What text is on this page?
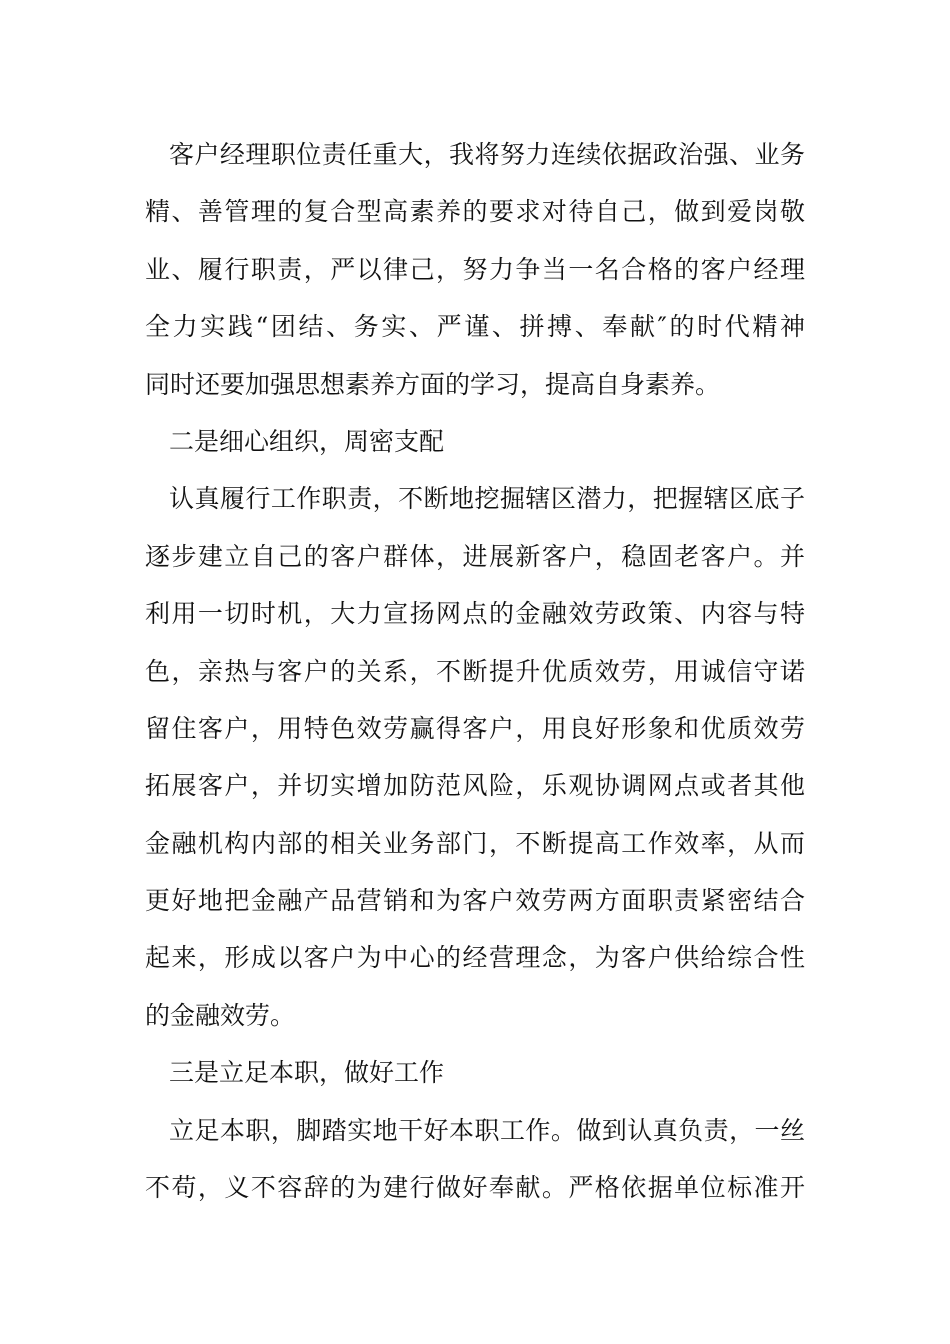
客户经理职位责任重大，我将努力连续依据政治强、业务
精、善管理的复合型高素养的要求对待自己，做到爱岗敬
业、履行职责，严以律己，努力争当一名合格的客户经理
全力实践“团结、务实、严谨、拼搏、奉献″的时代精神
同时还要加强思想素养方面的学习，提高自身素养。
二是细心组织，周密支配
认真履行工作职责，不断地挖掘辖区潜力，把握辖区底子
逐步建立自己的客户群体，进展新客户，稳固老客户。并
利用一切时机，大力宣扬网点的金融效劳政策、内容与特
色，亲热与客户的关系，不断提升优质效劳，用诚信守诺
留住客户，用特色效劳赢得客户，用良好形象和优质效劳
拓展客户，并切实增加防范风险，乐观协调网点或者其他
金融机构内部的相关业务部门，不断提高工作效率，从而
更好地把金融产品营销和为客户效劳两方面职责紧密结合
起来，形成以客户为中心的经营理念，为客户供给综合性
的金融效劳。
三是立足本职，做好工作
立足本职，脚踏实地干好本职工作。做到认真负责，一丝
不苟，义不容辞的为建行做好奉献。严格依据单位标准开
